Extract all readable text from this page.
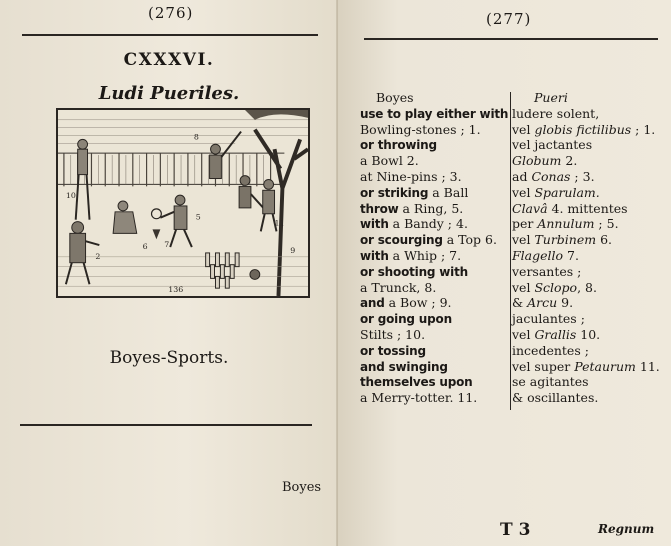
(276)
CXXXVI.
Ludi Pueriles.
8
10
2
6
5
7
9
11
136
Boyes-Sports.
Boyes
(277)
Boyes
use to play either with
Bowling-stones ; 1.
or throwing
a Bowl 2.
at Nine-pins ; 3.
or striking a Ball
throw a Ring, 5.
with a Bandy ; 4.
or scourging a Top 6.
with a Whip ; 7.
or shooting with
a Trunck, 8.
and a Bow ; 9.
or going upon
Stilts ; 10.
or tossing
and swinging
themselves upon
a Merry-totter. 11.
Pueri
ludere solent,
vel globis fictilibus ; 1.
vel jactantes
Globum 2.
ad Conas ; 3.
vel Sparulam.
Clavâ 4. mittentes
per Annulum ; 5.
vel Turbinem 6.
Flagello 7.
versantes ;
vel Sclopo, 8.
& Arcu 9.
jaculantes ;
vel Grallis 10.
incedentes ;
vel super Petaurum 11.
se agitantes
& oscillantes.
T 3	Regnum
